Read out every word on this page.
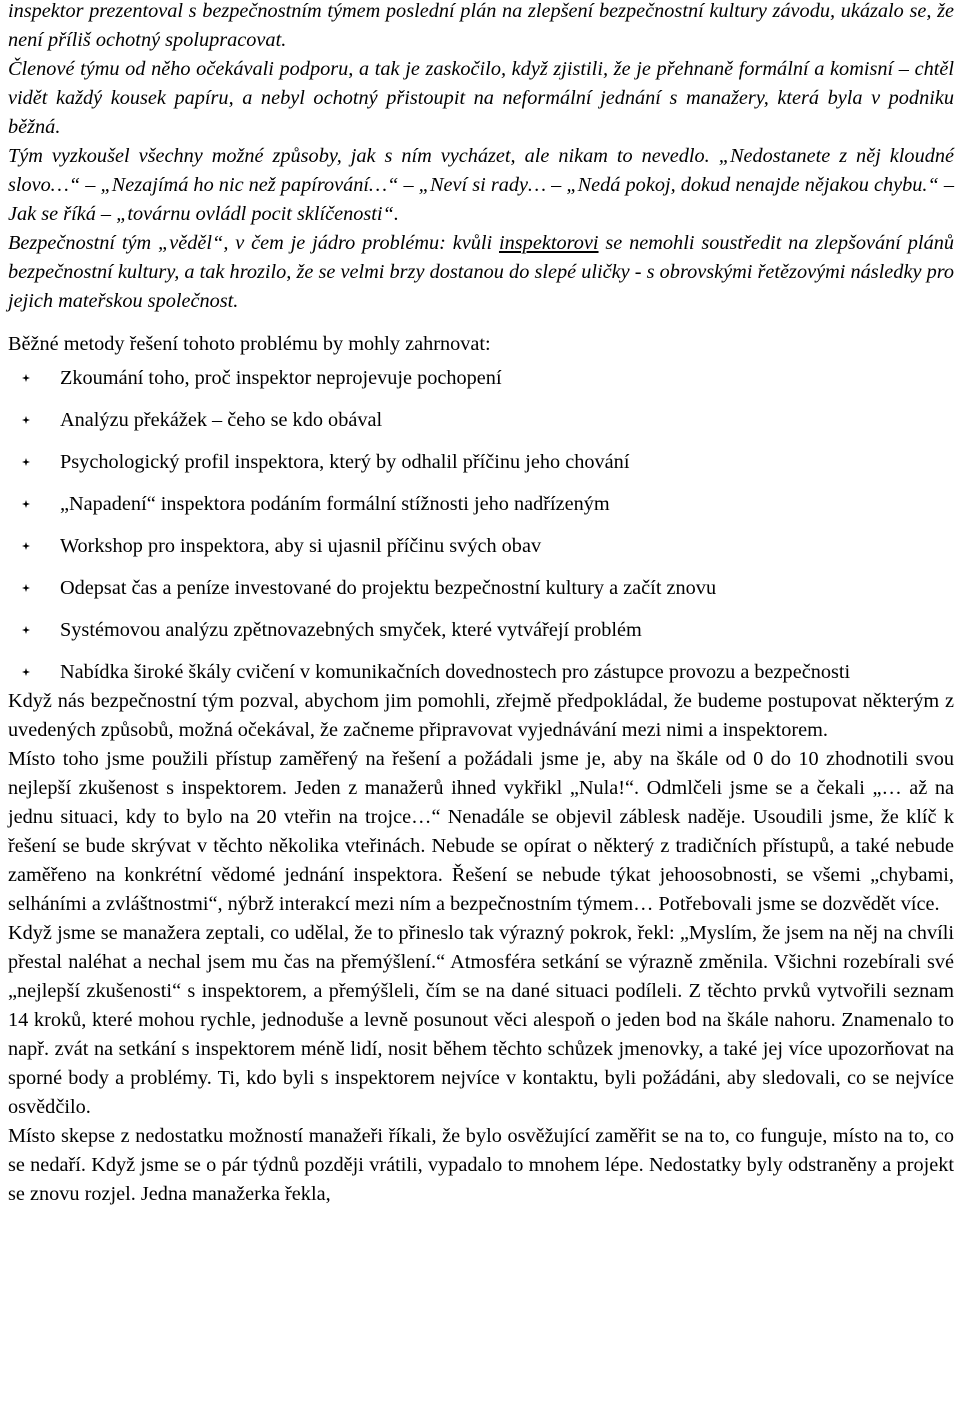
inspektor prezentoval s bezpečnostním týmem poslední plán na zlepšení bezpečnostní kultury závodu, ukázalo se, že není příliš ochotný spolupracovat.

Členové týmu od něho očekávali podporu, a tak je zaskočilo, když zjistili, že je přehnaně formální a komisní – chtěl vidět každý kousek papíru, a nebyl ochotný přistoupit na neformální jednání s manažery, která byla v podniku běžná.

Tým vyzkoušel všechny možné způsoby, jak s ním vycházet, ale nikam to nevedlo. „Nedostanete z něj kloudné slovo…“ – „Nezajímá ho nic než papírování…“ – „Neví si rady… – „Nedá pokoj, dokud nenajde nějakou chybu.“ – Jak se říká – „továrnu ovládl pocit sklíčenosti“.

Bezpečnostní tým „věděl“, v čem je jádro problému: kvůli inspektorovi se nemohli soustředit na zlepšování plánů bezpečnostní kultury, a tak hrozilo, že se velmi brzy dostanou do slepé uličky - s obrovskými řetězovými následky pro jejich mateřskou společnost.

Běžné metody řešení tohoto problému by mohly zahrnovat:

Zkoumání toho, proč inspektor neprojevuje pochopení
Analýzu překážek – čeho se kdo obával
Psychologický profil inspektora, který by odhalil příčinu jeho chování
„Napadení“ inspektora podáním formální stížnosti jeho nadřízeným
Workshop pro inspektora, aby si ujasnil příčinu svých obav
Odepsat čas a peníze investované do projektu bezpečnostní kultury a začít znovu
Systémovou analýzu zpětnovazebných smyček, které vytvářejí problém
Nabídka široké škály cvičení v komunikačních dovednostech pro zástupce provozu a bezpečnosti

Když nás bezpečnostní tým pozval, abychom jim pomohli, zřejmě předpokládal, že budeme postupovat některým z uvedených způsobů, možná očekával, že začneme připravovat vyjednávání mezi nimi a inspektorem.

Místo toho jsme použili přístup zaměřený na řešení a požádali jsme je, aby na škále od 0 do 10 zhodnotili svou nejlepší zkušenost s inspektorem. Jeden z manažerů ihned vykřikl „Nula!“. Odmlčeli jsme se a čekali „… až na jednu situaci, kdy to bylo na 20 vteřin na trojce…“ Nenadále se objevil záblesk naděje. Usoudili jsme, že klíč k řešení se bude skrývat v těchto několika vteřinách. Nebude se opírat o některý z tradičních přístupů, a také nebude zaměřeno na konkrétní vědomé jednání inspektora. Řešení se nebude týkat jehoosobnosti, se všemi „chybami, selháními a zvláštnostmi“, nýbrž interakcí mezi ním a bezpečnostním týmem… Potřebovali jsme se dozvědět více.

Když jsme se manažera zeptali, co udělal, že to přineslo tak výrazný pokrok, řekl: „Myslím, že jsem na něj na chvíli přestal naléhat a nechal jsem mu čas na přemýšlení.“ Atmosféra setkání se výrazně změnila. Všichni rozebírali své „nejlepší zkušenosti“ s inspektorem, a přemýšleli, čím se na dané situaci podíleli. Z těchto prvků vytvořili seznam 14 kroků, které mohou rychle, jednoduše a levně posunout věci alespoň o jeden bod na škále nahoru. Znamenalo to např. zvát na setkání s inspektorem méně lidí, nosit během těchto schůzek jmenovky, a také jej více upozorňovat na sporné body a problémy. Ti, kdo byli s inspektorem nejvíce v kontaktu, byli požádáni, aby sledovali, co se nejvíce osvědčilo.

Místo skepse z nedostatku možností manažeři říkali, že bylo osvěžující zaměřit se na to, co funguje, místo na to, co se nedaří. Když jsme se o pár týdnů později vrátili, vypadalo to mnohem lépe. Nedostatky byly odstraněny a projekt se znovu rozjel. Jedna manažerka řekla,
